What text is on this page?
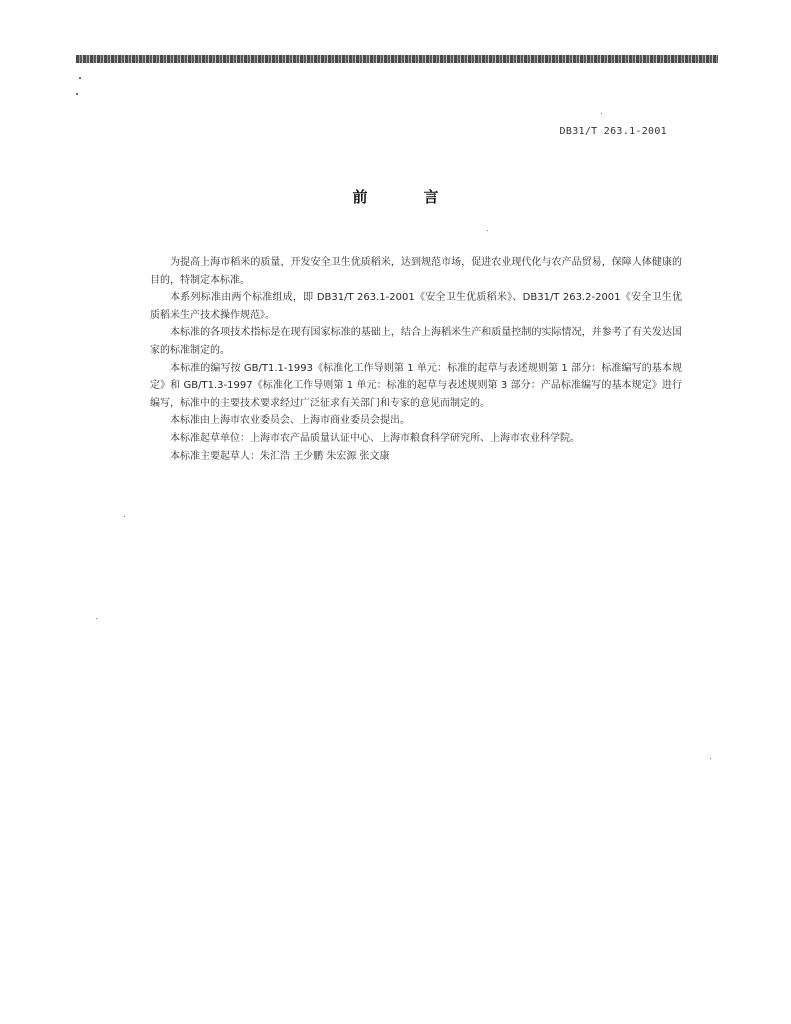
DB31/T 263.1-2001
前言

为提高上海市稻米的质量，开发安全卫生优质稻米，达到规范市场，促进农业现代化与农产品贸易，保障人体健康的目的，特制定本标准。

本系列标准由两个标准组成，即 DB31/T 263.1-2001《安全卫生优质稻米》、DB31/T 263.2-2001《安全卫生优质稻米生产技术操作规范》。

本标准的各项技术指标是在现有国家标准的基础上，结合上海稻米生产和质量控制的实际情况，并参考了有关发达国家的标准制定的。

本标准的编写按 GB/T1.1-1993《标准化工作导则第 1 单元：标准的起草与表述规则第 1 部分：标准编写的基本规定》和 GB/T1.3-1997《标准化工作导则第 1 单元：标准的起草与表述规则第 3 部分：产品标准编写的基本规定》进行编写，标准中的主要技术要求经过广泛征求有关部门和专家的意见而制定的。

本标准由上海市农业委员会、上海市商业委员会提出。

本标准起草单位：上海市农产品质量认证中心、上海市粮食科学研究所、上海市农业科学院。

本标准主要起草人：朱汇浩 王少鹏 朱宏源 张文康
